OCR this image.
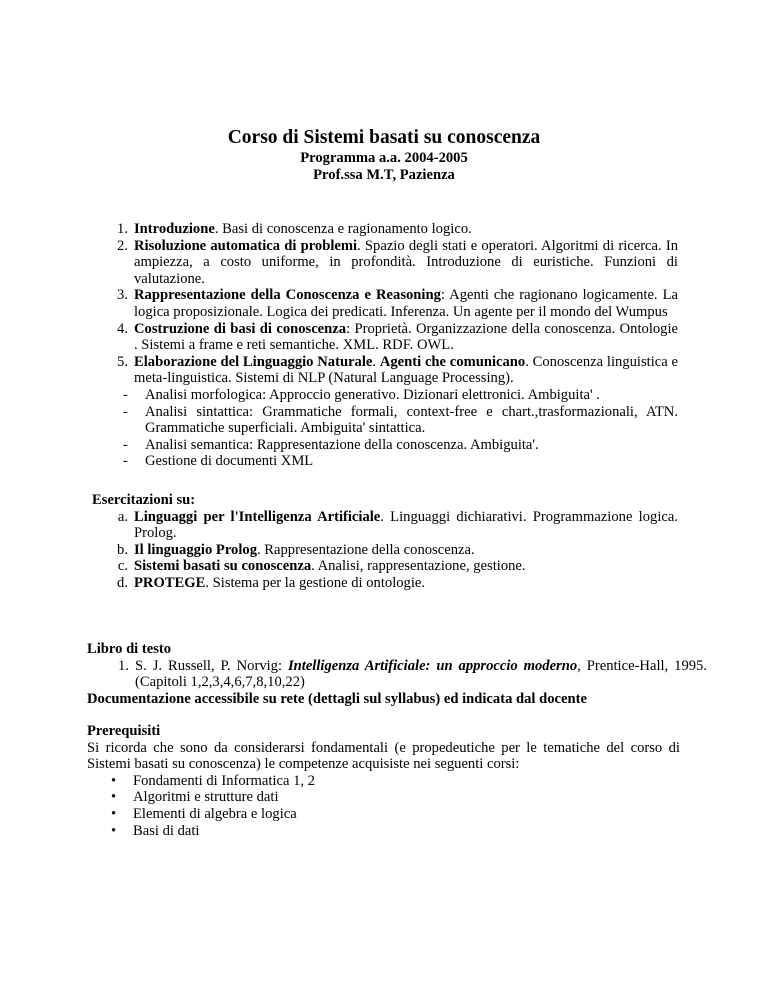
Corso di Sistemi basati su conoscenza
Programma a.a. 2004-2005
Prof.ssa M.T, Pazienza
1. Introduzione. Basi di conoscenza e ragionamento logico.
2. Risoluzione automatica di problemi. Spazio degli stati e operatori. Algoritmi di ricerca. In ampiezza, a costo uniforme, in profondità. Introduzione di euristiche. Funzioni di valutazione.
3. Rappresentazione della Conoscenza e Reasoning: Agenti che ragionano logicamente. La logica proposizionale. Logica dei predicati. Inferenza. Un agente per il mondo del Wumpus
4. Costruzione di basi di conoscenza: Proprietà. Organizzazione della conoscenza. Ontologie . Sistemi a frame e reti semantiche. XML. RDF. OWL.
5. Elaborazione del Linguaggio Naturale. Agenti che comunicano. Conoscenza linguistica e meta-linguistica. Sistemi di NLP (Natural Language Processing).
- Analisi morfologica: Approccio generativo. Dizionari elettronici. Ambiguita' .
- Analisi sintattica: Grammatiche formali, context-free e chart.,trasformazionali, ATN. Grammatiche superficiali. Ambiguita' sintattica.
- Analisi semantica: Rappresentazione della conoscenza. Ambiguita'.
- Gestione di documenti XML
Esercitazioni su:
a. Linguaggi per l'Intelligenza Artificiale. Linguaggi dichiarativi. Programmazione logica. Prolog.
b. Il linguaggio Prolog. Rappresentazione della conoscenza.
c. Sistemi basati su conoscenza. Analisi, rappresentazione, gestione.
d. PROTEGE. Sistema per la gestione di ontologie.
Libro di testo
1. S. J. Russell, P. Norvig: Intelligenza Artificiale: un approccio moderno, Prentice-Hall, 1995. (Capitoli 1,2,3,4,6,7,8,10,22)
Documentazione accessibile su rete (dettagli sul syllabus) ed indicata dal docente
Prerequisiti
Si ricorda che sono da considerarsi fondamentali (e propedeutiche per le tematiche del corso di Sistemi basati su conoscenza) le competenze acquisiste nei seguenti corsi:
• Fondamenti di Informatica 1, 2
• Algoritmi e strutture dati
• Elementi di algebra e logica
• Basi di dati
